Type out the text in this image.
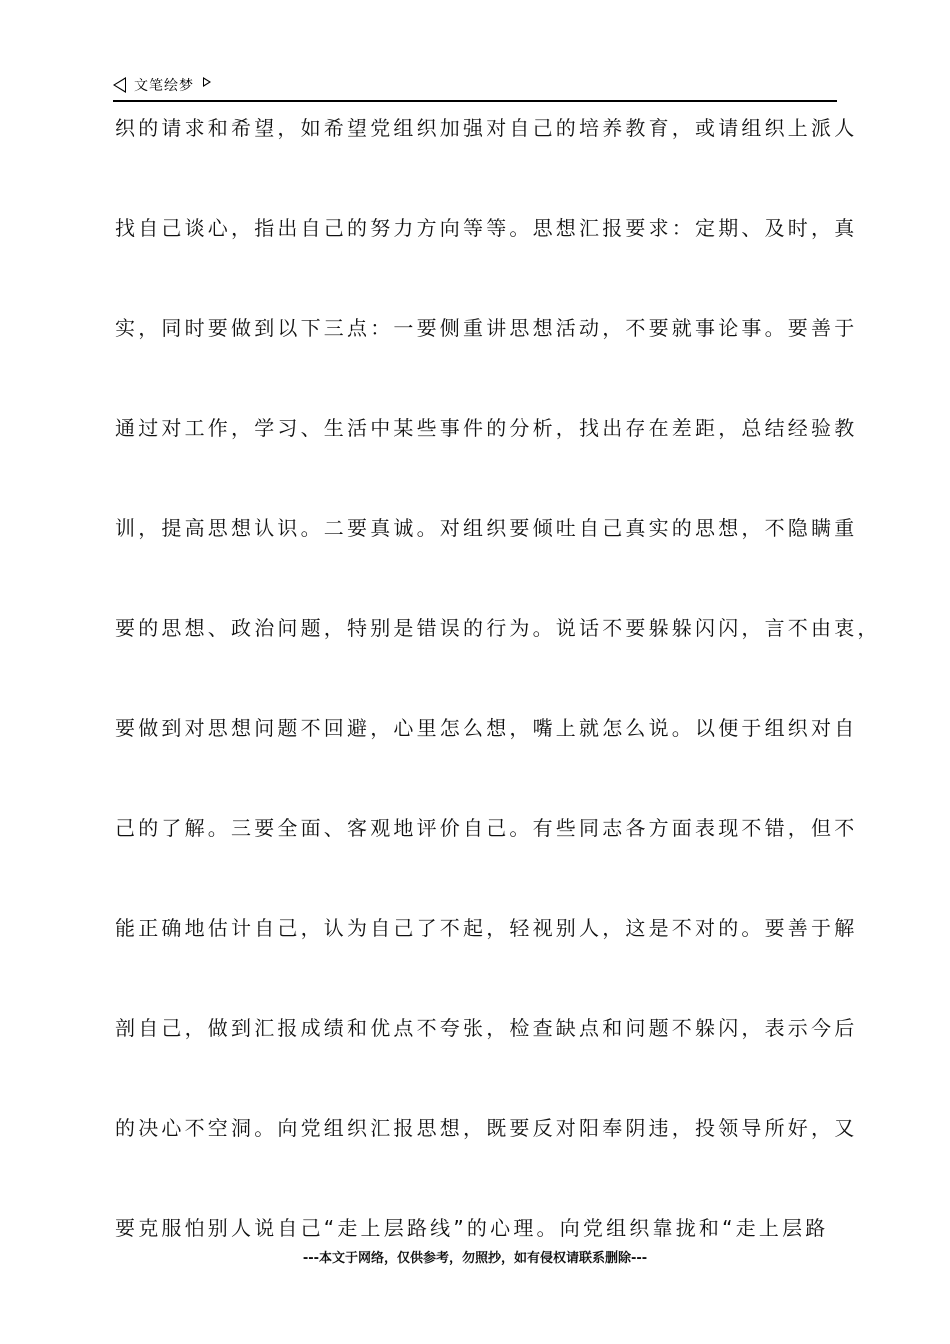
文笔绘梦
织的请求和希望，如希望党组织加强对自己的培养教育，或请组织上派人
找自己谈心，指出自己的努力方向等等。思想汇报要求：定期、及时，真
实，同时要做到以下三点：一要侧重讲思想活动，不要就事论事。要善于
通过对工作，学习、生活中某些事件的分析，找出存在差距，总结经验教
训，提高思想认识。二要真诚。对组织要倾吐自己真实的思想，不隐瞒重
要的思想、政治问题，特别是错误的行为。说话不要躲躲闪闪，言不由衷，
要做到对思想问题不回避，心里怎么想，嘴上就怎么说。以便于组织对自
己的了解。三要全面、客观地评价自己。有些同志各方面表现不错，但不
能正确地估计自己，认为自己了不起，轻视别人，这是不对的。要善于解
剖自己，做到汇报成绩和优点不夸张，检查缺点和问题不躲闪，表示今后
的决心不空洞。向党组织汇报思想，既要反对阳奉阴违，投领导所好，又
要克服怕别人说自己“走上层路线”的心理。向党组织靠拢和“走上层路
---本文于网络，仅供参考，勿照抄，如有侵权请联系删除---
